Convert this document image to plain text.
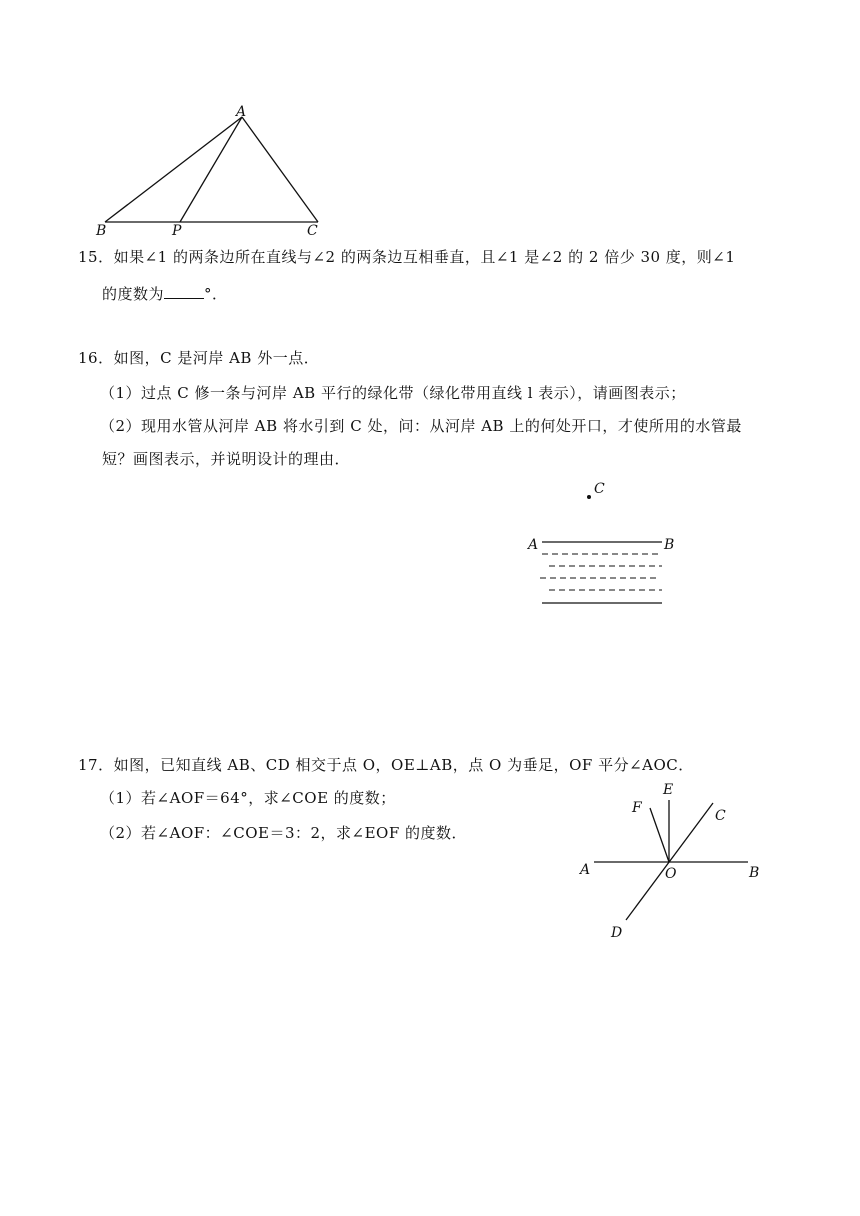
A
B	P	C
15．如果∠1 的两条边所在直线与∠2 的两条边互相垂直，且∠1 是∠2 的 2 倍少 30 度，则∠1
的度数为	°．
16．如图，C 是河岸 AB 外一点．
（1）过点 C 修一条与河岸 AB 平行的绿化带（绿化带用直线 l 表示），请画图表示；
（2）现用水管从河岸 AB 将水引到 C 处，问：从河岸 AB 上的何处开口，才使所用的水管最
短？画图表示，并说明设计的理由．
C
A	B
17．如图，已知直线 AB、CD 相交于点 O，OE⊥AB，点 O 为垂足，OF 平分∠AOC．
（1）若∠AOF＝64°，求∠COE 的度数；
（2）若∠AOF：∠COE＝3：2，求∠EOF 的度数．
E
F	C
A	O	B
D
